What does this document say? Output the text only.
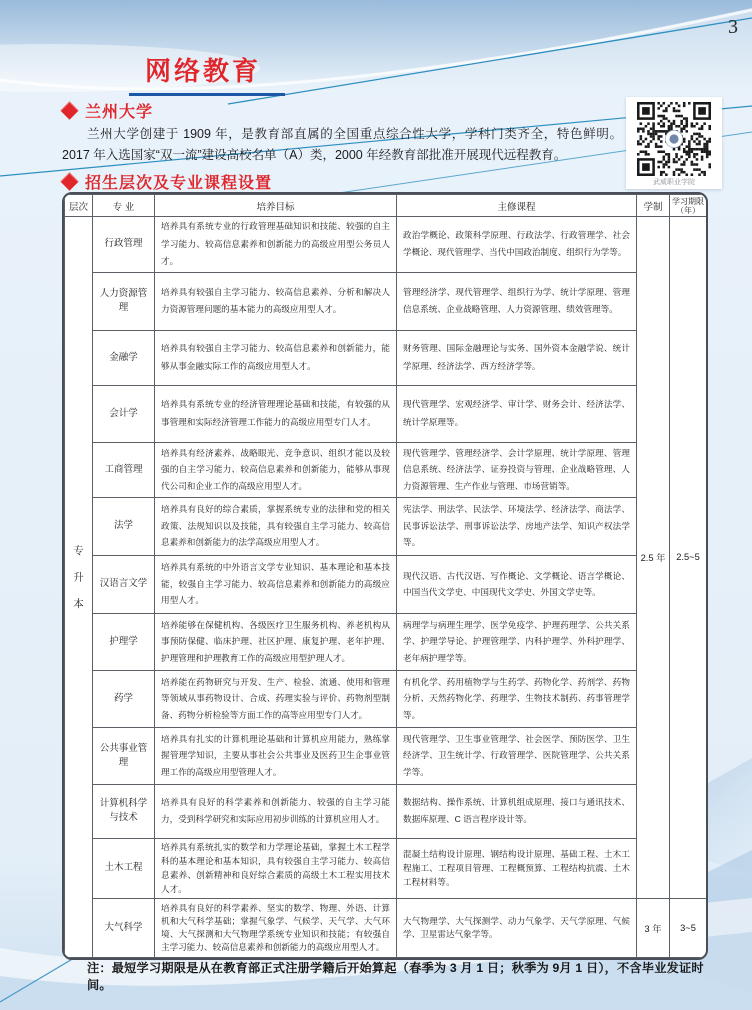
3
网络教育
兰州大学
兰州大学创建于 1909 年，是教育部直属的全国重点综合性大学，学科门类齐全，特色鲜明。2017 年入选国家“双一流”建设高校名单（A）类，2000 年经教育部批准开展现代远程教育。
武威职业学院
招生层次及专业课程设置
层次	专 业	培养目标	主修课程	学制	学习期限
（年）

专升本	行政管理	培养具有系统专业的行政管理基础知识和技能、较强的自主学习能力、较高信息素养和创新能力的高级应用型公务员人才。	政治学概论、政策科学原理、行政法学、行政管理学、社会学概论、现代管理学、当代中国政治制度、组织行为学等。	2.5 年	2.5~5
	人力资源管理	培养具有较强自主学习能力、较高信息素养、分析和解决人力资源管理问题的基本能力的高级应用型人才。	管理经济学、现代管理学、组织行为学、统计学原理、管理信息系统、企业战略管理、人力资源管理、绩效管理等。		
	金融学	培养具有较强自主学习能力、较高信息素养和创新能力，能够从事金融实际工作的高级应用型人才。	财务管理、国际金融理论与实务、国外资本金融学说、统计学原理、经济法学、西方经济学等。		
	会计学	培养具有系统专业的经济管理理论基础和技能，有较强的从事管理和实际经济管理工作能力的高级应用型专门人才。	现代管理学、宏观经济学、审计学、财务会计、经济法学、统计学原理等。		
	工商管理	培养具有经济素养、战略眼光、竞争意识、组织才能以及较强的自主学习能力、较高信息素养和创新能力，能够从事现代公司和企业工作的高级应用型人才。	现代管理学、管理经济学、会计学原理、统计学原理、管理信息系统、经济法学、证券投资与管理、企业战略管理、人力资源管理、生产作业与管理、市场营销等。		
	法学	培养具有良好的综合素质，掌握系统专业的法律和党的相关政策、法规知识以及技能，具有较强自主学习能力、较高信息素养和创新能力的法学高级应用型人才。	宪法学、刑法学、民法学、环境法学、经济法学、商法学、民事诉讼法学、刑事诉讼法学、房地产法学、知识产权法学等。		
	汉语言文学	培养具有系统的中外语言文学专业知识、基本理论和基本技能，较强自主学习能力、较高信息素养和创新能力的高级应用型人才。	现代汉语、古代汉语、写作概论、文学概论、语言学概论、中国当代文学史、中国现代文学史、外国文学史等。		
	护理学	培养能够在保健机构、各级医疗卫生服务机构、养老机构从事预防保健、临床护理、社区护理、康复护理、老年护理、护理管理和护理教育工作的高级应用型护理人才。	病理学与病理生理学、医学免疫学、护理药理学、公共关系学、护理学导论、护理管理学、内科护理学、外科护理学、老年病护理学等。		
	药学	培养能在药物研究与开发、生产、检验、流通、使用和管理等领域从事药物设计、合成、药理实验与评价、药物剂型制备、药物分析检验等方面工作的高等应用型专门人才。	有机化学、药用植物学与生药学、药物化学、药剂学、药物分析、天然药物化学、药理学、生物技术制药、药事管理学等。		
	公共事业管理	培养具有扎实的计算机理论基础和计算机应用能力，熟练掌握管理学知识，主要从事社会公共事业及医药卫生企事业管理工作的高级应用型管理人才。	现代管理学、卫生事业管理学、社会医学、预防医学、卫生经济学、卫生统计学、行政管理学、医院管理学、公共关系学等。		
	计算机科学与技术	培养具有良好的科学素养和创新能力、较强的自主学习能力，受到科学研究和实际应用初步训练的计算机应用人才。	数据结构、操作系统、计算机组成原理、接口与通讯技术、数据库原理、C 语言程序设计等。		
	土木工程	培养具有系统扎实的数学和力学理论基础，掌握土木工程学科的基本理论和基本知识，具有较强自主学习能力、较高信息素养、创新精神和良好综合素质的高级土木工程实用技术人才。	混凝土结构设计原理、钢结构设计原理、基础工程、土木工程施工、工程项目管理、工程概预算、工程结构抗震、土木工程材料等。		
	大气科学	培养具有良好的科学素养、坚实的数学、物理、外语、计算机和大气科学基础；掌握气象学、气候学、天气学、大气环境、大气探测和大气物理学系统专业知识和技能；有较强自主学习能力、较高信息素养和创新能力的高级应用型人才。	大气物理学、大气探测学、动力气象学、天气学原理、气候学、卫星雷达气象学等。	3 年	3~5
注：最短学习期限是从在教育部正式注册学籍后开始算起（春季为 3 月 1 日；秋季为 9月 1 日），不含毕业发证时间。
